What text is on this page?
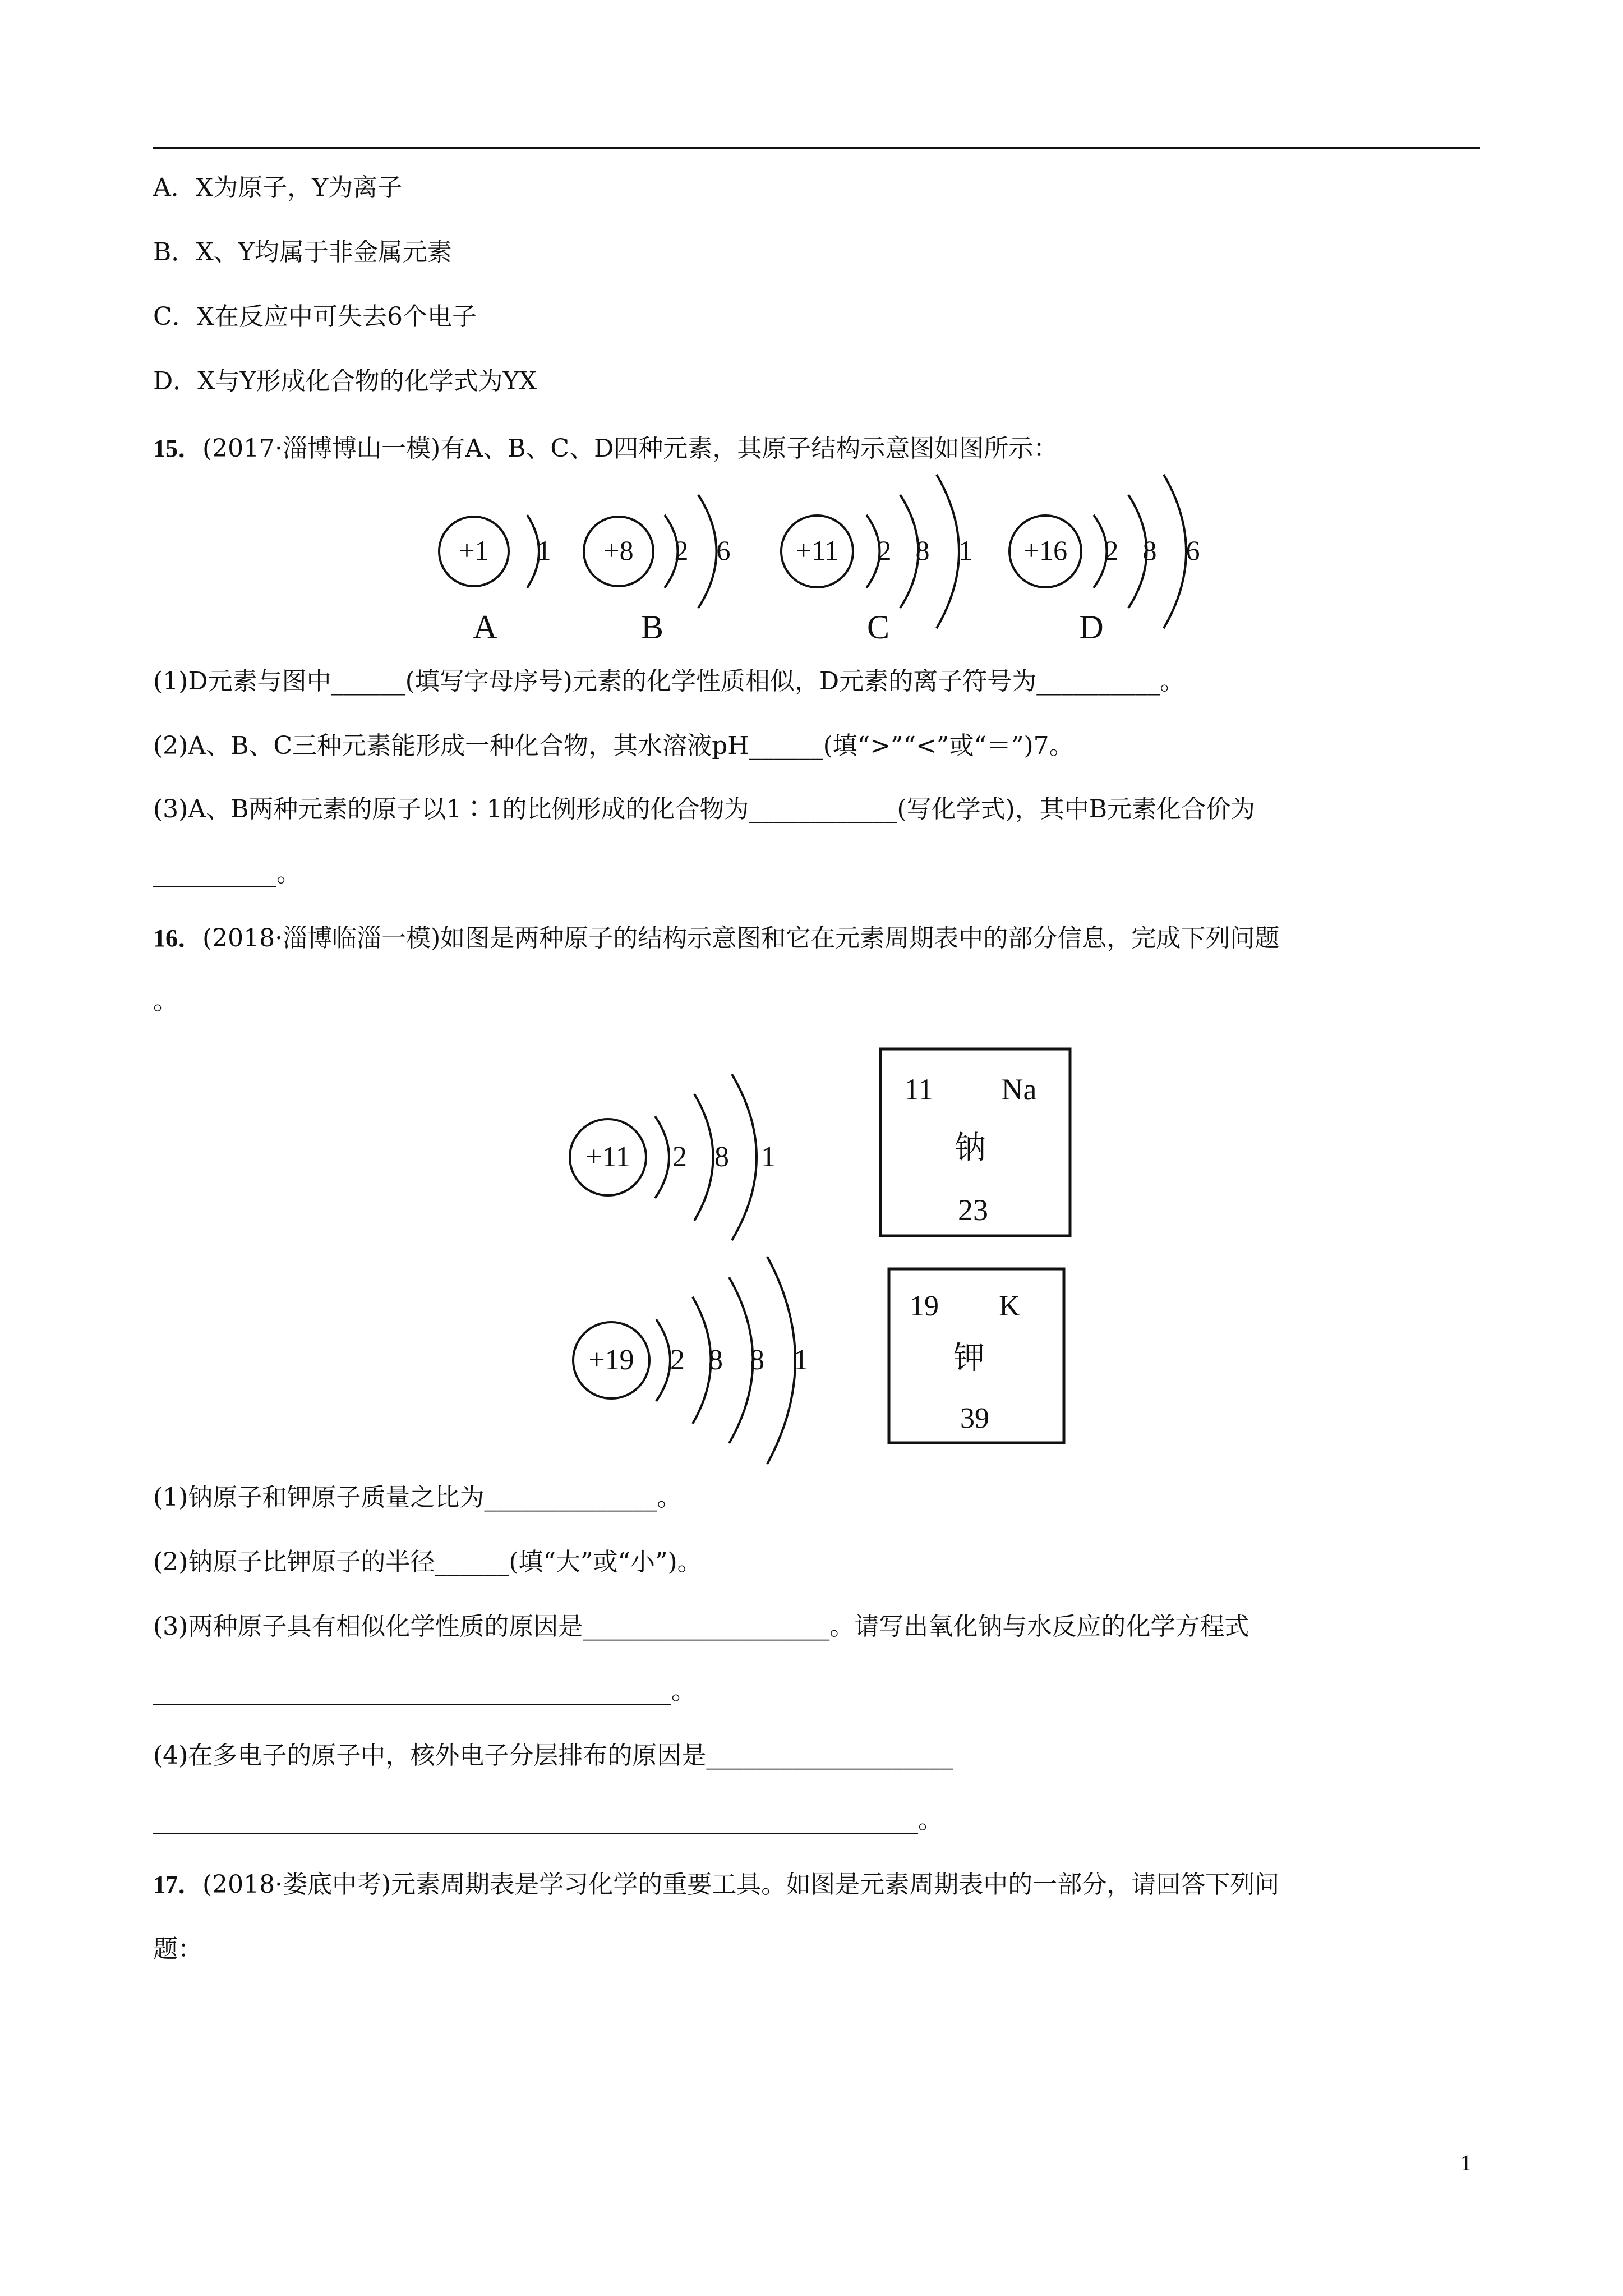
A．X为原子，Y为离子
B．X、Y均属于非金属元素
C．X在反应中可失去6个电子
D．X与Y形成化合物的化学式为YX
15．(2017·淄博博山一模)有A、B、C、D四种元素，其原子结构示意图如图所示：
+1 1
A
+8 2 6
B
+11 2 8 1
C
+16 2 8 6
D
(1)D元素与图中______(填写字母序号)元素的化学性质相似，D元素的离子符号为__________。
(2)A、B、C三种元素能形成一种化合物，其水溶液pH______(填“>”“<”或“＝”)7。
(3)A、B两种元素的原子以1∶1的比例形成的化合物为____________(写化学式)，其中B元素化合价为
__________。
16．(2018·淄博临淄一模)如图是两种原子的结构示意图和它在元素周期表中的部分信息，完成下列问题
。
+11 2 8 1
11 Na
钠
23
+19 2 8 8 1
19 K
钾
39
(1)钠原子和钾原子质量之比为______________。
(2)钠原子比钾原子的半径______(填“大”或“小”)。
(3)两种原子具有相似化学性质的原因是____________________。请写出氧化钠与水反应的化学方程式
__________________________________________。
(4)在多电子的原子中，核外电子分层排布的原因是____________________
______________________________________________________________。
17．(2018·娄底中考)元素周期表是学习化学的重要工具。如图是元素周期表中的一部分，请回答下列问
题：
1
